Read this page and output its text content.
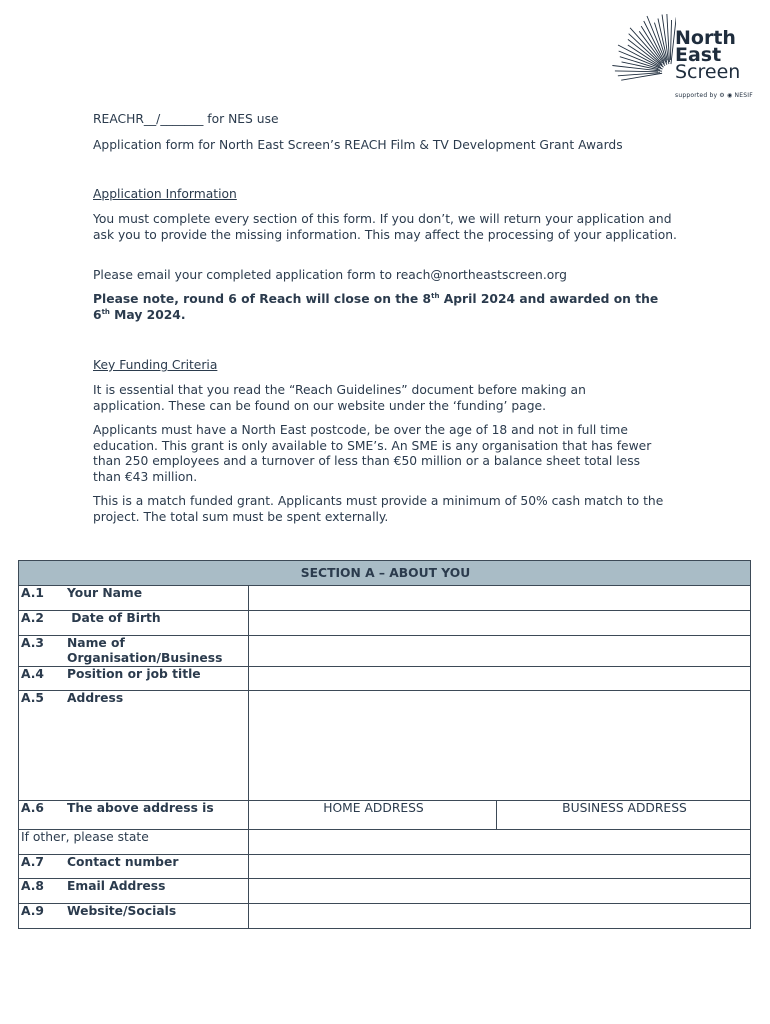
North
East
Screen
supported by ⚙ ◉ NESIF
REACHR__/_______ for NES use
Application form for North East Screen’s REACH Film & TV Development Grant Awards
Application Information
You must complete every section of this form. If you don’t, we will return your application and ask you to provide the missing information. This may affect the processing of your application.
Please email your completed application form to reach@northeastscreen.org
Please note, round 6 of Reach will close on the 8th April 2024 and awarded on the 6th May 2024.
Key Funding Criteria
It is essential that you read the “Reach Guidelines” document before making an application. These can be found on our website under the ‘funding’ page.
Applicants must have a North East postcode, be over the age of 18 and not in full time education. This grant is only available to SME’s. An SME is any organisation that has fewer than 250 employees and a turnover of less than €50 million or a balance sheet total less than €43 million.
This is a match funded grant. Applicants must provide a minimum of 50% cash match to the project. The total sum must be spent externally.
SECTION A – ABOUT YOU		
A.1 Your Name		
A.2 Date of Birth		
A.3 Name of Organisation/Business		
A.4 Position or job title		
A.5 Address		
A.6 The above address is	HOME ADDRESS	BUSINESS ADDRESS
If other, please state		
A.7 Contact number		
A.8 Email Address		
A.9 Website/Socials		
